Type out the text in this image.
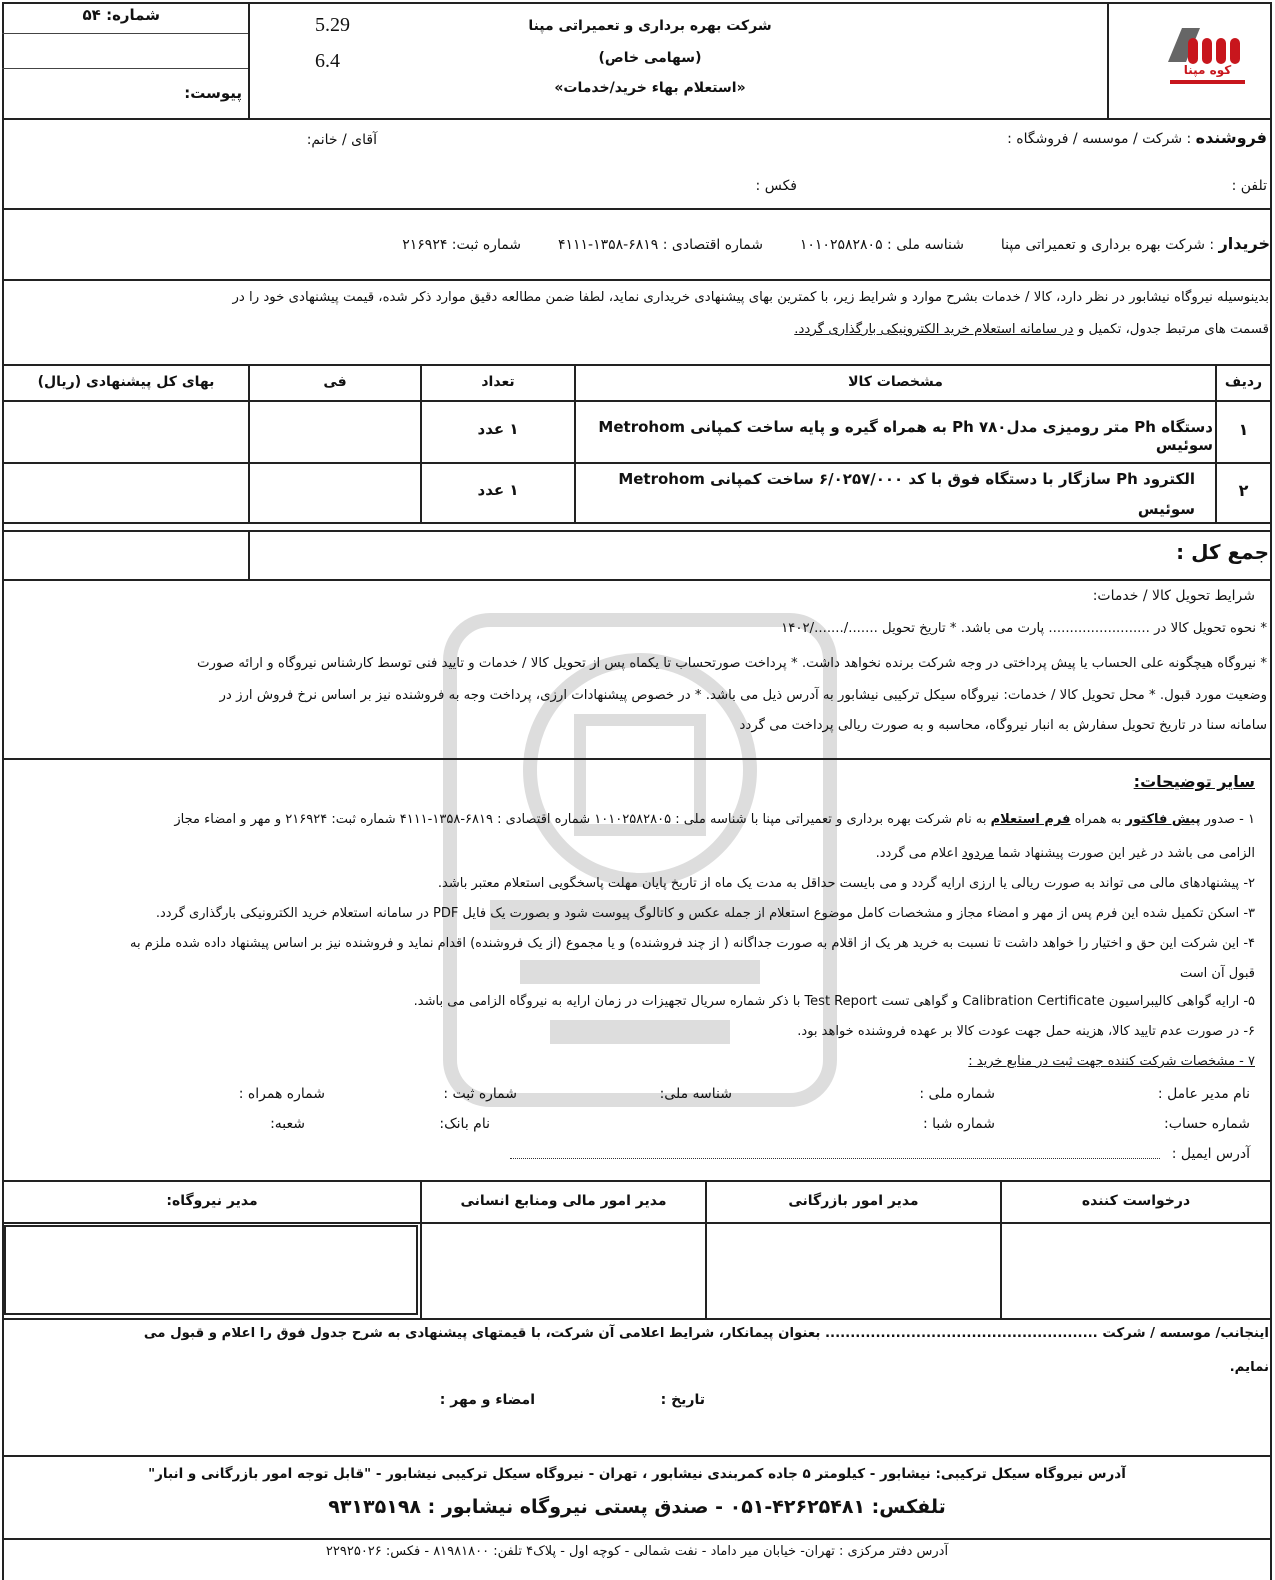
شماره: ۵۴
پیوست:
5.29
6.4
شرکت بهره برداری و تعمیراتی مپنا
(سهامی خاص)
«استعلام بهاء خرید/خدمات»
کوه مپنا
فروشنده : شرکت / موسسه / فروشگاه :
آقای / خانم:
تلفن :
فکس :
خریدار : شرکت بهره برداری و تعمیراتی مپنا  شناسه ملی : ۱۰۱۰۲۵۸۲۸۰۵  شماره اقتصادی : ۶۸۱۹-۱۳۵۸-۴۱۱۱  شماره ثبت: ۲۱۶۹۲۴
بدینوسیله نیروگاه نیشابور در نظر دارد، کالا / خدمات بشرح موارد و شرایط زیر، با کمترین بهای پیشنهادی خریداری نماید، لطفا ضمن مطالعه دقیق موارد ذکر شده، قیمت پیشنهادی خود را در
قسمت های مرتبط جدول، تکمیل و در سامانه استعلام خرید الکترونیکی بارگذاری گردد.
ردیف
مشخصات کالا
تعداد
فی
بهای کل پیشنهادی (ریال)
۱
دستگاه Ph متر رومیزی مدل۷۸۰ Ph به همراه گیره و پایه ساخت کمپانی Metrohom سوئیس
۱ عدد
۲
الکترود Ph سازگار با دستگاه فوق با کد ۶/۰۲۵۷/۰۰۰ ساخت کمپانی Metrohom سوئیس
۱ عدد
جمع کل :
شرایط تحویل کالا / خدمات:
* نحوه تحویل کالا در ........................ پارت می باشد. * تاریخ تحویل ......./......./۱۴۰۲
* نیروگاه هیچگونه علی الحساب یا پیش پرداختی در وجه شرکت برنده نخواهد داشت. * پرداخت صورتحساب تا یکماه پس از تحویل کالا / خدمات و تایید فنی توسط کارشناس نیروگاه و ارائه صورت
وضعیت مورد قبول. * محل تحویل کالا / خدمات: نیروگاه سیکل ترکیبی نیشابور به آدرس ذیل می باشد. * در خصوص پیشنهادات ارزی، پرداخت وجه به فروشنده نیز بر اساس نرخ فروش ارز در
سامانه سنا در تاریخ تحویل سفارش به انبار نیروگاه، محاسبه و به صورت ریالی پرداخت می گردد
سایر توضیحات:
۱ - صدور پیش فاکتور به همراه فرم استعلام به نام شرکت بهره برداری و تعمیراتی مپنا با شناسه ملی : ۱۰۱۰۲۵۸۲۸۰۵ شماره اقتصادی : ۶۸۱۹-۱۳۵۸-۴۱۱۱ شماره ثبت: ۲۱۶۹۲۴ و مهر و امضاء مجاز
الزامی می باشد در غیر این صورت پیشنهاد شما مردود اعلام می گردد.
۲- پیشنهادهای مالی می تواند به صورت ریالی یا ارزی ارایه گردد و می بایست حداقل به مدت یک ماه از تاریخ پایان مهلت پاسخگویی استعلام معتبر باشد.
۳- اسکن تکمیل شده این فرم پس از مهر و امضاء مجاز و مشخصات کامل موضوع استعلام از جمله عکس و کاتالوگ پیوست شود و بصورت یک فایل PDF در سامانه استعلام خرید الکترونیکی بارگذاری گردد.
۴- این شرکت این حق و اختیار را خواهد داشت تا نسبت به خرید هر یک از اقلام به صورت جداگانه ( از چند فروشنده) و یا مجموع (از یک فروشنده) اقدام نماید و فروشنده نیز بر اساس پیشنهاد داده شده ملزم به
قبول آن است
۵- ارایه گواهی کالیبراسیون Calibration Certificate و گواهی تست Test Report با ذکر شماره سریال تجهیزات در زمان ارایه به نیروگاه الزامی می باشد.
۶- در صورت عدم تایید کالا، هزینه حمل جهت عودت کالا بر عهده فروشنده خواهد بود.
۷ - مشخصات شرکت کننده جهت ثبت در منابع خرید :
نام مدیر عامل :
شماره ملی :
شناسه ملی:
شماره ثبت :
شماره همراه :
شماره حساب:
شماره شبا :
نام بانک:
شعبه:
آدرس ایمیل :
درخواست کننده
مدیر امور بازرگانی
مدیر امور مالی ومنابع انسانی
مدیر نیروگاه:
اینجانب/ موسسه / شرکت ...................................................... بعنوان پیمانکار، شرایط اعلامی آن شرکت، با قیمتهای پیشنهادی به شرح جدول فوق را اعلام و قبول می
نمایم.
تاریخ :
امضاء و مهر :
آدرس نیروگاه سیکل ترکیبی: نیشابور - کیلومتر ۵ جاده کمربندی نیشابور ، تهران - نیروگاه سیکل ترکیبی نیشابور - "قابل توجه امور بازرگانی و انبار"
تلفکس: ۴۲۶۲۵۴۸۱-۰۵۱ - صندق پستی نیروگاه نیشابور : ۹۳۱۳۵۱۹۸
آدرس دفتر مرکزی : تهران- خیابان میر داماد - نفت شمالی - کوچه اول - پلاک۴ تلفن: ۸۱۹۸۱۸۰۰ - فکس: ۲۲۹۲۵۰۲۶
